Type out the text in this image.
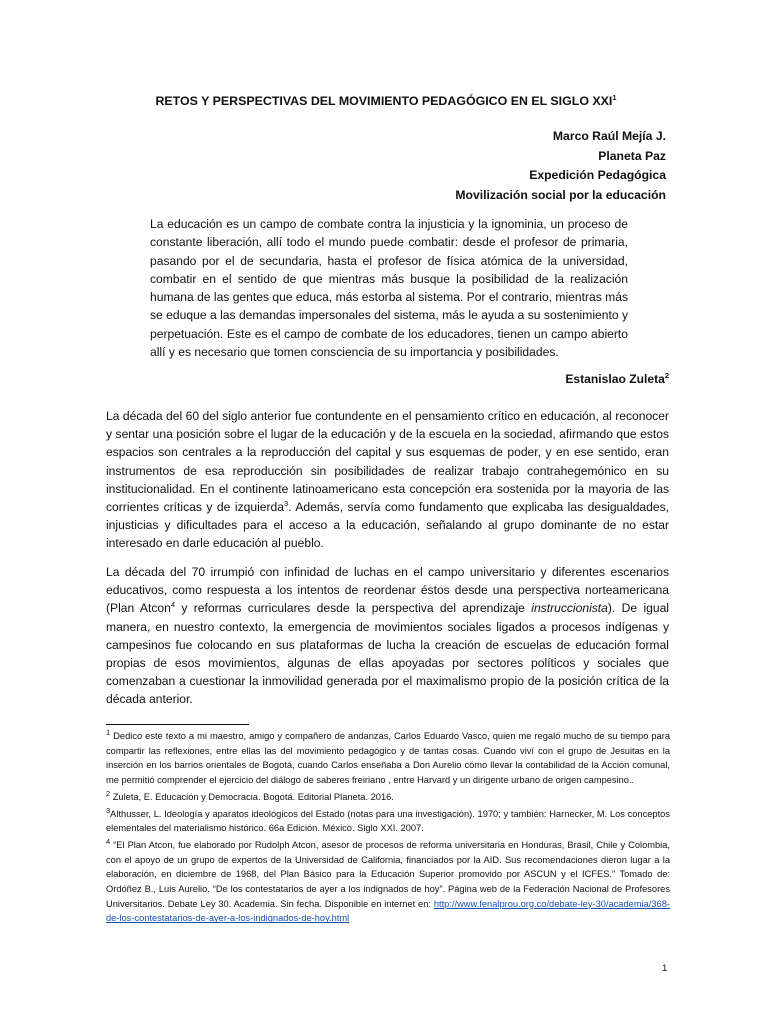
RETOS Y PERSPECTIVAS DEL MOVIMIENTO PEDAGÓGICO EN EL SIGLO XXI$^1$
Marco Raúl Mejía J.
Planeta Paz
Expedición Pedagógica
Movilización social por la educación

La educación es un campo de combate contra la injusticia y la ignominia, un proceso de constante liberación, allí todo el mundo puede combatir: desde el profesor de primaria, pasando por el de secundaria, hasta el profesor de física atómica de la universidad, combatir en el sentido de que mientras más busque la posibilidad de la realización humana de las gentes que educa, más estorba al sistema. Por el contrario, mientras más se eduque a las demandas impersonales del sistema, más le ayuda a su sostenimiento y perpetuación. Este es el campo de combate de los educadores, tienen un campo abierto allí y es necesario que tomen consciencia de su importancia y posibilidades.

Estanislao Zuleta$^2$

La década del 60 del siglo anterior fue contundente en el pensamiento crítico en educación, al reconocer y sentar una posición sobre el lugar de la educación y de la escuela en la sociedad, afirmando que estos espacios son centrales a la reproducción del capital y sus esquemas de poder, y en ese sentido, eran instrumentos de esa reproducción sin posibilidades de realizar trabajo contrahegemónico en su institucionalidad. En el continente latinoamericano esta concepción era sostenida por la mayoria de las corrientes críticas y de izquierda$^3$. Además, servía como fundamento que explicaba las desigualdades, injusticias y dificultades para el acceso a la educación, señalando al grupo dominante de no estar interesado en darle educación al pueblo.

La década del 70 irrumpió con infinidad de luchas en el campo universitario y diferentes escenarios educativos, como respuesta a los intentos de reordenar éstos desde una perspectiva norteamericana (Plan Atcon$^4$ y reformas curriculares desde la perspectiva del aprendizaje instruccionista). De igual manera, en nuestro contexto, la emergencia de movimientos sociales ligados a procesos indígenas y campesinos fue colocando en sus plataformas de lucha la creación de escuelas de educación formal propias de esos movimientos, algunas de ellas apoyadas por sectores políticos y sociales que comenzaban a cuestionar la inmovilidad generada por el maximalismo propio de la posición crítica de la década anterior.

$^1$ Dedico este texto a mi maestro, amigo y compañero de andanzas, Carlos Eduardo Vasco, quien me regaló mucho de su tiempo para compartir las reflexiones, entre ellas las del movimiento pedagógico y de tantas cosas. Cuando viví con el grupo de Jesuitas en la inserción en los barrios orientales de Bogotá, cuando Carlos enseñaba a Don Aurelio cómo llevar la contabilidad de la Acción comunal, me permitió comprender el ejercicio del diálogo de saberes freiriano , entre Harvard y un dirigente urbano de origen campesino..

$^2$ Zuleta, E. Educación y Democracia. Bogotá. Editorial Planeta. 2016.

$^3$Althusser, L. Ideología y aparatos ideológicos del Estado (notas para una investigación). 1970; y también: Harnecker, M. Los conceptos elementales del materialismo histórico. 66a Edición. México. Siglo XXI. 2007.

$^4$ “El Plan Atcon, fue elaborado por Rudolph Atcon, asesor de procesos de reforma universitaria en Honduras, Brasil, Chile y Colombia, con el apoyo de un grupo de expertos de la Universidad de California, financiados por la AID. Sus recomendaciones dieron lugar a la elaboración, en diciembre de 1968, del Plan Básico para la Educación Superior promovido por ASCUN y el ICFES.” Tomado de: Ordóñez B., Luis Aurelio. “De los contestatarios de ayer a los indignados de hoy”. Página web de la Federación Nacional de Profesores Universitarios. Debate Ley 30. Academia. Sin fecha. Disponible en internet en: http://www.fenalprou.org.co/debate-ley-30/academia/368-de-los-contestatarios-de-ayer-a-los-indignados-de-hoy.html

1
